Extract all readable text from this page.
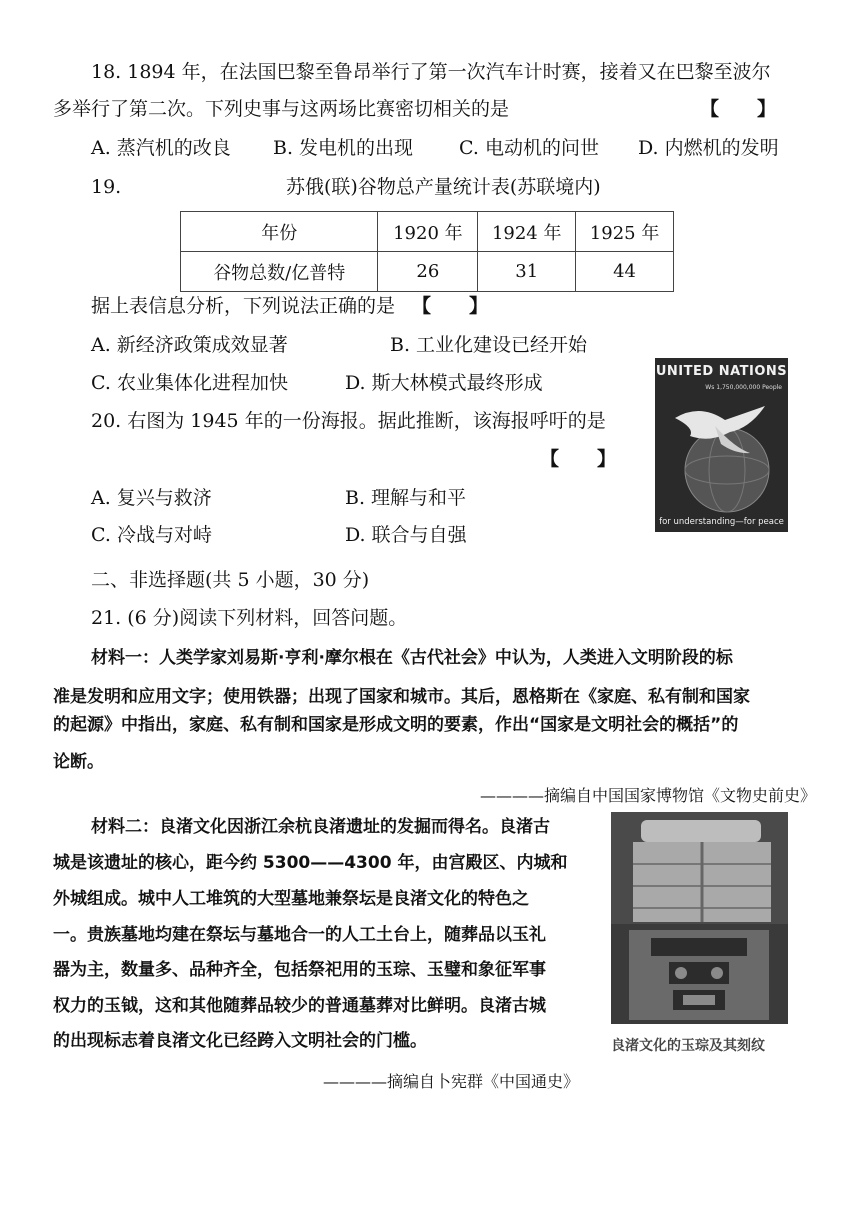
18. 1894 年，在法国巴黎至鲁昂举行了第一次汽车计时赛，接着又在巴黎至波尔
多举行了第二次。下列史事与这两场比赛密切相关的是	【　　】
A. 蒸汽机的改良 B. 发电机的出现 C. 电动机的问世 D. 内燃机的发明
19.	苏俄(联)谷物总产量统计表(苏联境内)
年份	1920 年	1924 年	1925 年
谷物总数/亿普特	26	31	44
据上表信息分析，下列说法正确的是 【　　】
A. 新经济政策成效显著	B. 工业化建设已经开始
C. 农业集体化进程加快	D. 斯大林模式最终形成
20. 右图为 1945 年的一份海报。据此推断，该海报呼吁的是
【　　】
A. 复兴与救济	B. 理解与和平
C. 冷战与对峙	D. 联合与自强
UNITED NATIONS
Ws 1,750,000,000 People
for understanding—for peace
二、非选择题(共 5 小题，30 分)
21. (6 分)阅读下列材料，回答问题。
材料一：人类学家刘易斯·亨利·摩尔根在《古代社会》中认为，人类进入文明阶段的标
准是发明和应用文字；使用铁器；出现了国家和城市。其后，恩格斯在《家庭、私有制和国家
的起源》中指出，家庭、私有制和国家是形成文明的要素，作出“国家是文明社会的概括”的
论断。
————摘编自中国国家博物馆《文物史前史》
材料二：良渚文化因浙江余杭良渚遗址的发掘而得名。良渚古
城是该遗址的核心，距今约 5300——4300 年，由宫殿区、内城和
外城组成。城中人工堆筑的大型墓地兼祭坛是良渚文化的特色之
一。贵族墓地均建在祭坛与墓地合一的人工土台上，随葬品以玉礼
器为主，数量多、品种齐全，包括祭祀用的玉琮、玉璧和象征军事
权力的玉钺，这和其他随葬品较少的普通墓葬对比鲜明。良渚古城
的出现标志着良渚文化已经跨入文明社会的门槛。
————摘编自卜宪群《中国通史》
良渚文化的玉琮及其刻纹
